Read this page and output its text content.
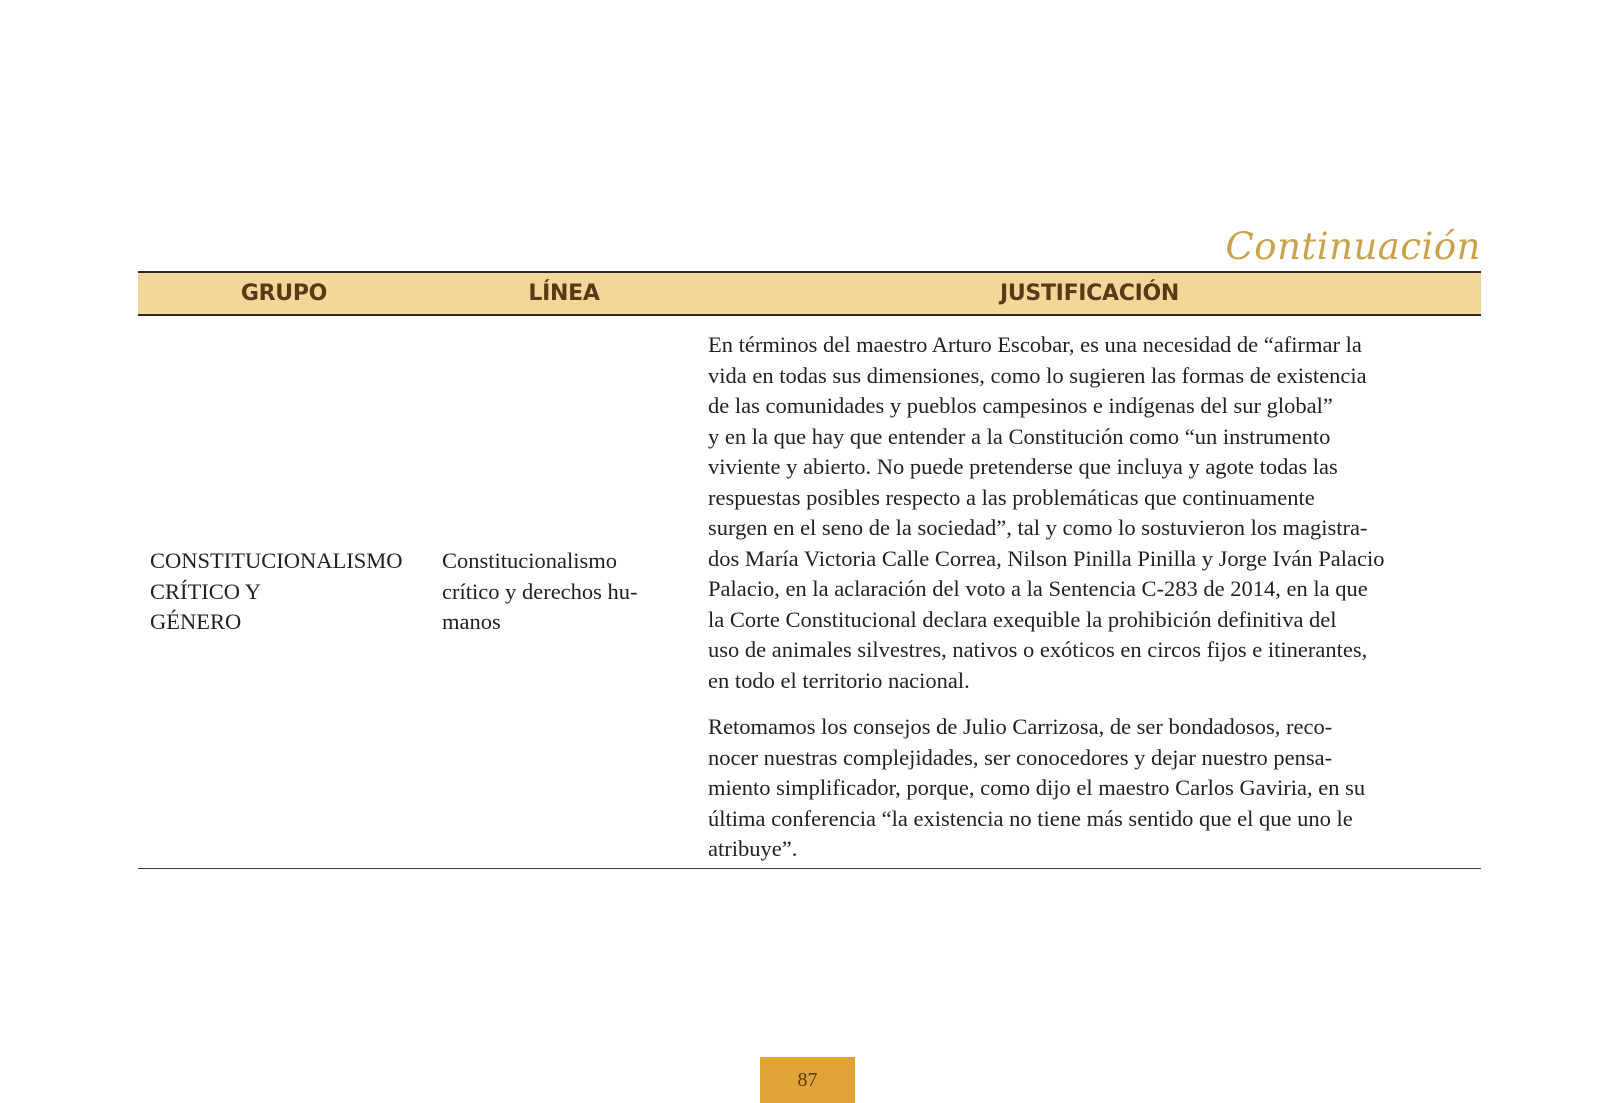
Continuación
GRUPO	LÍNEA	JUSTIFICACIÓN
CONSTITUCIONALISMO
CRÍTICO Y
GÉNERO
Constitucionalismo
crítico y derechos hu-
manos

En términos del maestro Arturo Escobar, es una necesidad de “afirmar la
vida en todas sus dimensiones, como lo sugieren las formas de existencia
de las comunidades y pueblos campesinos e indígenas del sur global”
y en la que hay que entender a la Constitución como “un instrumento
viviente y abierto. No puede pretenderse que incluya y agote todas las
respuestas posibles respecto a las problemáticas que continuamente
surgen en el seno de la sociedad”, tal y como lo sostuvieron los magistra-
dos María Victoria Calle Correa, Nilson Pinilla Pinilla y Jorge Iván Palacio
Palacio, en la aclaración del voto a la Sentencia C-283 de 2014, en la que
la Corte Constitucional declara exequible la prohibición definitiva del
uso de animales silvestres, nativos o exóticos en circos fijos e itinerantes,
en todo el territorio nacional.

Retomamos los consejos de Julio Carrizosa, de ser bondadosos, reco-
nocer nuestras complejidades, ser conocedores y dejar nuestro pensa-
miento simplificador, porque, como dijo el maestro Carlos Gaviria, en su
última conferencia “la existencia no tiene más sentido que el que uno le
atribuye”.

87
